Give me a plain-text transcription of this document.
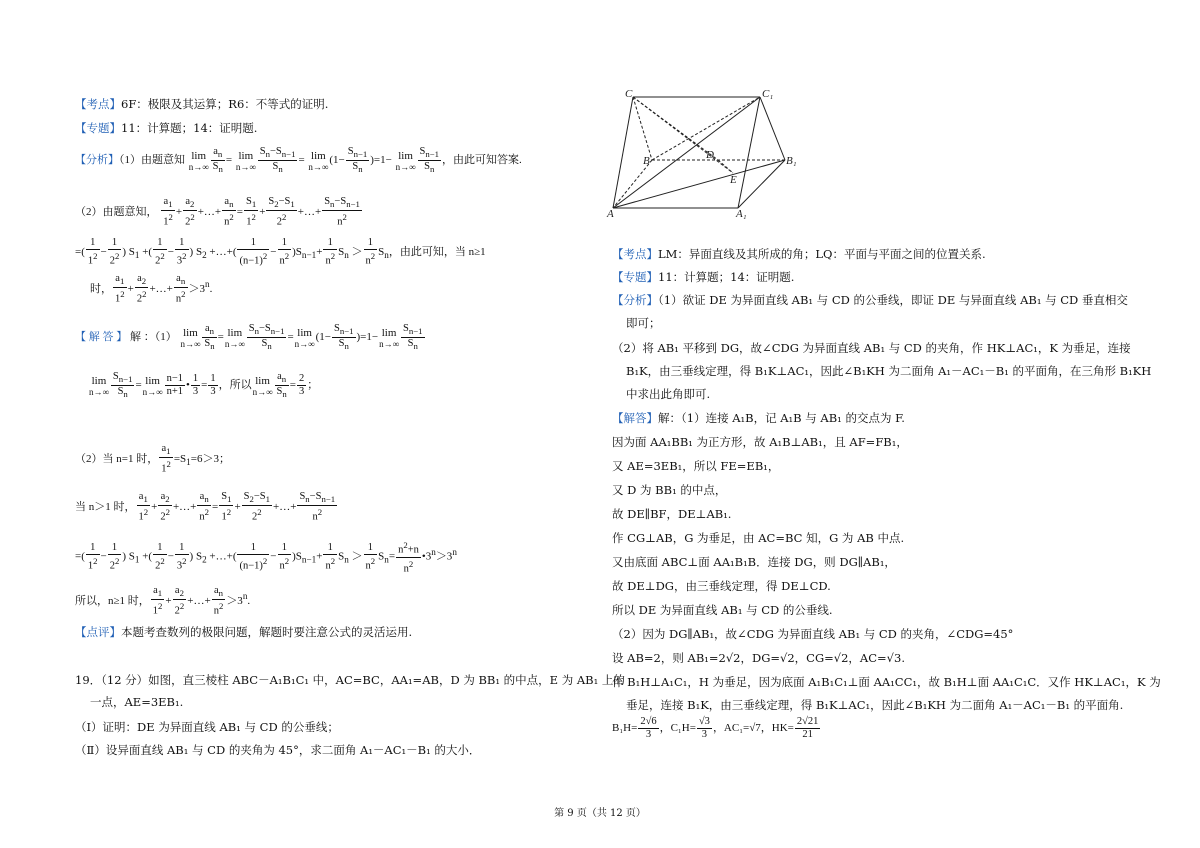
【考点】6F：极限及其运算；R6：不等式的证明.
【专题】11：计算题；14：证明题.
【分析】（1）由题意知 lim
$n\to\infty \frac{a_n}{S_n} = \lim$
$n\to\infty \frac{S_n-S_{n-1}}{S_n} = \lim$
n→∞
$(1- \frac{S_{n-1}}{S_n} )=1- \lim$
$n\to\infty \frac{S_{n-1}}{S_n}$ ，由此可知答案.
（2）由题意知， $\frac{a_1}{1^2} + \frac{a_2}{2^2}$ +…+ $\frac{a_n}{n^2} = \frac{S_1}{1^2} + \frac{S_2-S_1}{2^2}$ +…+ $\frac{S_n-S_{n-1}}{n^2}$
=( $\frac{1}{1^2} - \frac{1}{2^2}$ ) $S_1$ +( $\frac{1}{2^2} - \frac{1}{3^2}$ ) $S_2$ +…+( $\frac{1}{(n-1)^2} - \frac{1}{n^2} )S_{n-1}+ \frac{1}{n^2} S_n > \frac{1}{n^2} S_n$，由此可知，当 n≥1
时， $\frac{a_1}{1^2} + \frac{a_2}{2^2}$ +…+ $\frac{a_n}{n^2} >3^n$.
【 解 答 】 解 ：（1） lim
$n\to\infty \frac{a_n}{S_n} = \lim$
$n\to\infty \frac{S_n-S_{n-1}}{S_n} = \lim$
n→∞
$(1- \frac{S_{n-1}}{S_n} )=1- \lim$
$n\to\infty \frac{S_{n-1}}{S_n}$
lim
$n\to\infty \frac{S_{n-1}}{S_n} = \lim$
$n\to\infty \frac{n-1}{n+1}$ • $\frac{1}{3} = \frac{1}{3}$ ，所以 lim
$n\to\infty \frac{a_n}{S_n} = \frac{2}{3}$ ；
（2）当 n=1 时， $\frac{a_1}{1^2} =S_1=6>3$；
当 n＞1 时， $\frac{a_1}{1^2} + \frac{a_2}{2^2}$ +…+ $\frac{a_n}{n^2} = \frac{S_1}{1^2} + \frac{S_2-S_1}{2^2}$ +…+ $\frac{S_n-S_{n-1}}{n^2}$
=( $\frac{1}{1^2} - \frac{1}{2^2}$ ) $S_1$ +( $\frac{1}{2^2} - \frac{1}{3^2}$ ) $S_2$ +…+( $\frac{1}{(n-1)^2} - \frac{1}{n^2} )S_{n-1}+ \frac{1}{n^2} S_n > \frac{1}{n^2} S_n= \frac{n^2+n}{n^2}$ $•3^n>3^n$
所以，n≥1 时， $\frac{a_1}{1^2} + \frac{a_2}{2^2}$ +…+ $\frac{a_n}{n^2} >3^n$.
【点评】本题考查数列的极限问题，解题时要注意公式的灵活运用.
19．（12 分）如图，直三棱柱 ABC－A₁B₁C₁ 中，AC=BC，AA₁=AB，D 为 BB₁ 的中点，E 为 AB₁ 上的
一点，AE=3EB₁.
（Ⅰ）证明：DE 为异面直线 AB₁ 与 CD 的公垂线；
（Ⅱ）设异面直线 AB₁ 与 CD 的夹角为 45°，求二面角 A₁－AC₁－B₁ 的大小．
C	C₁
B	D	B₁
E
A	A₁
【考点】LM：异面直线及其所成的角；LQ：平面与平面之间的位置关系.
【专题】11：计算题；14：证明题.
【分析】（1）欲证 DE 为异面直线 AB₁ 与 CD 的公垂线，即证 DE 与异面直线 AB₁ 与 CD 垂直相交
即可；
（2）将 AB₁ 平移到 DG，故∠CDG 为异面直线 AB₁ 与 CD 的夹角，作 HK⊥AC₁，K 为垂足，连接
B₁K，由三垂线定理，得 B₁K⊥AC₁，因此∠B₁KH 为二面角 A₁－AC₁－B₁ 的平面角，在三角形 B₁KH
中求出此角即可.
【解答】解：（1）连接 A₁B，记 A₁B 与 AB₁ 的交点为 F.
因为面 AA₁BB₁ 为正方形，故 A₁B⊥AB₁，且 AF=FB₁，
又 AE=3EB₁，所以 FE=EB₁，
又 D 为 BB₁ 的中点，
故 DE∥BF，DE⊥AB₁.
作 CG⊥AB，G 为垂足，由 AC=BC 知，G 为 AB 中点.
又由底面 ABC⊥面 AA₁B₁B．连接 DG，则 DG∥AB₁，
故 DE⊥DG，由三垂线定理，得 DE⊥CD.
所以 DE 为异面直线 AB₁ 与 CD 的公垂线.
（2）因为 DG∥AB₁，故∠CDG 为异面直线 AB₁ 与 CD 的夹角，∠CDG=45°
设 AB=2，则 AB₁=2√2，DG=√2，CG=√2，AC=√3.
作 B₁H⊥A₁C₁，H 为垂足，因为底面 A₁B₁C₁⊥面 AA₁CC₁，故 B₁H⊥面 AA₁C₁C．又作 HK⊥AC₁，K 为
垂足，连接 B₁K，由三垂线定理，得 B₁K⊥AC₁，因此∠B₁KH 为二面角 A₁－AC₁－B₁ 的平面角.
$B_1H= \frac{2√6}{3}$ ，$C_1H= \frac{√3}{3}$ ，AC₁=√7，$HK= \frac{2√21}{21}$
第 9 页（共 12 页）
